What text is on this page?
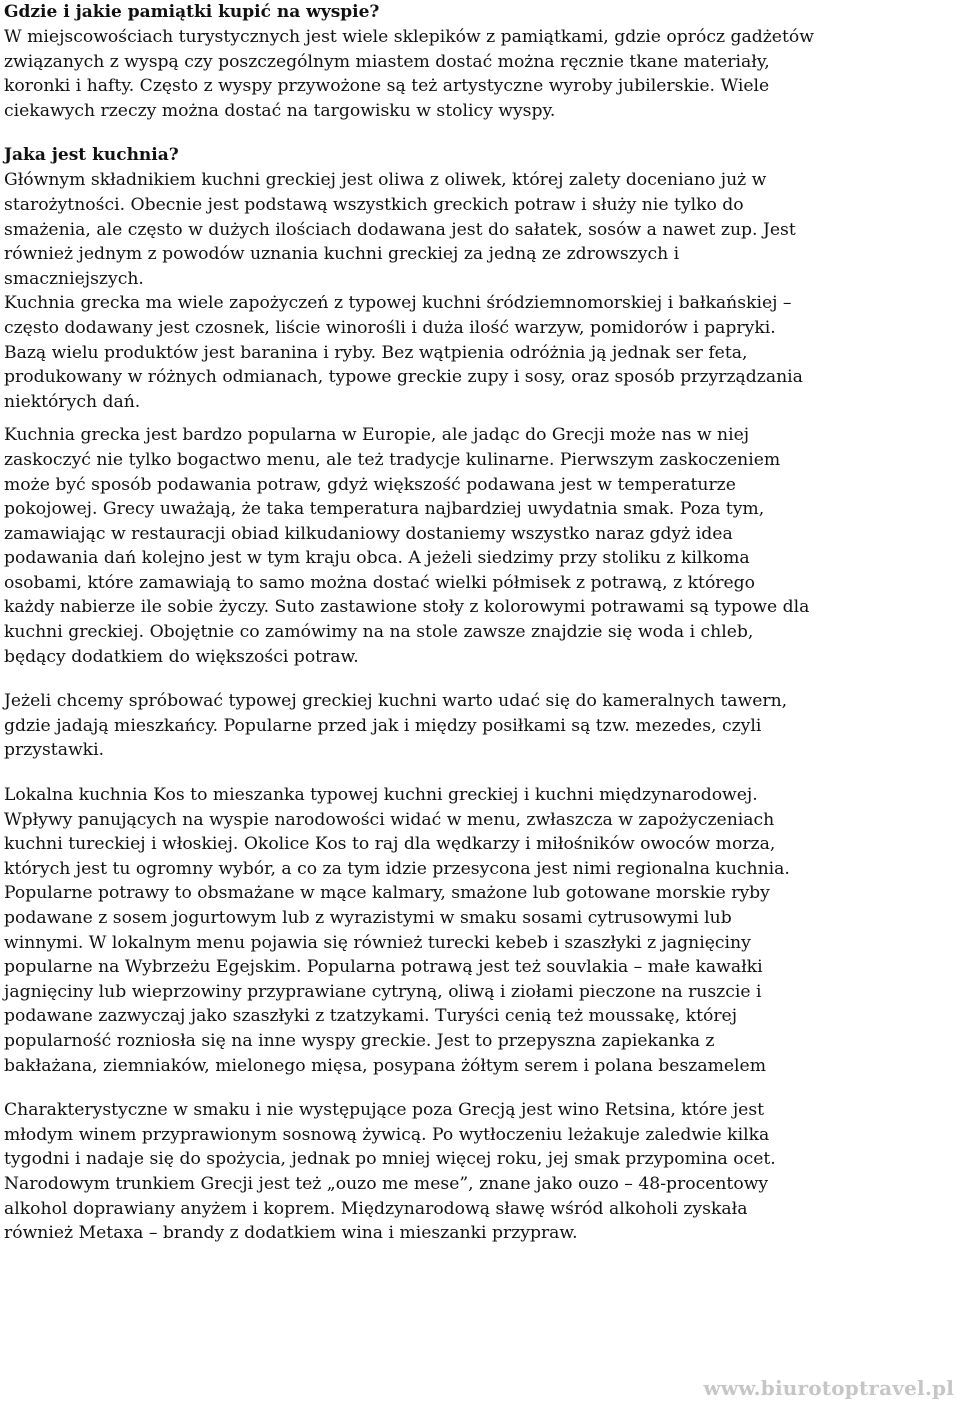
Gdzie i jakie pamiątki kupić na wyspie?

W miejscowościach turystycznych jest wiele sklepików z pamiątkami, gdzie oprócz gadżetów
związanych z wyspą czy poszczególnym miastem dostać można ręcznie tkane materiały,
koronki i hafty. Często z wyspy przywożone są też artystyczne wyroby jubilerskie. Wiele
ciekawych rzeczy można dostać na targowisku w stolicy wyspy.

Jaka jest kuchnia?

Głównym składnikiem kuchni greckiej jest oliwa z oliwek, której zalety doceniano już w
starożytności. Obecnie jest podstawą wszystkich greckich potraw i służy nie tylko do
smażenia, ale często w dużych ilościach dodawana jest do sałatek, sosów a nawet zup. Jest
również jednym z powodów uznania kuchni greckiej za jedną ze zdrowszych i
smaczniejszych.

Kuchnia grecka ma wiele zapożyczeń z typowej kuchni śródziemnomorskiej i bałkańskiej –
często dodawany jest czosnek, liście winorośli i duża ilość warzyw, pomidorów i papryki.
Bazą wielu produktów jest baranina i ryby. Bez wątpienia odróżnia ją jednak ser feta,
produkowany w różnych odmianach, typowe greckie zupy i sosy, oraz sposób przyrządzania
niektórych dań.

Kuchnia grecka jest bardzo popularna w Europie, ale jadąc do Grecji może nas w niej
zaskoczyć nie tylko bogactwo menu, ale też tradycje kulinarne. Pierwszym zaskoczeniem
może być sposób podawania potraw, gdyż większość podawana jest w temperaturze
pokojowej. Grecy uważają, że taka temperatura najbardziej uwydatnia smak. Poza tym,
zamawiając w restauracji obiad kilkudaniowy dostaniemy wszystko naraz gdyż idea
podawania dań kolejno jest w tym kraju obca. A jeżeli siedzimy przy stoliku z kilkoma
osobami, które zamawiają to samo można dostać wielki półmisek z potrawą, z którego
każdy nabierze ile sobie życzy. Suto zastawione stoły z kolorowymi potrawami są typowe dla
kuchni greckiej. Obojętnie co zamówimy na na stole zawsze znajdzie się woda i chleb,
będący dodatkiem do większości potraw.

Jeżeli chcemy spróbować typowej greckiej kuchni warto udać się do kameralnych tawern,
gdzie jadają mieszkańcy. Popularne przed jak i między posiłkami są tzw. mezedes, czyli
przystawki.

Lokalna kuchnia Kos to mieszanka typowej kuchni greckiej i kuchni międzynarodowej.
Wpływy panujących na wyspie narodowości widać w menu, zwłaszcza w zapożyczeniach
kuchni tureckiej i włoskiej. Okolice Kos to raj dla wędkarzy i miłośników owoców morza,
których jest tu ogromny wybór, a co za tym idzie przesycona jest nimi regionalna kuchnia.
Popularne potrawy to obsmażane w mące kalmary, smażone lub gotowane morskie ryby
podawane z sosem jogurtowym lub z wyrazistymi w smaku sosami cytrusowymi lub
winnymi. W lokalnym menu pojawia się również turecki kebeb i szaszłyki z jagnięciny
popularne na Wybrzeżu Egejskim. Popularna potrawą jest też souvlakia – małe kawałki
jagnięciny lub wieprzowiny przyprawiane cytryną, oliwą i ziołami pieczone na ruszcie i
podawane zazwyczaj jako szaszłyki z tzatzykami. Turyści cenią też moussakę, której
popularność rozniosła się na inne wyspy greckie. Jest to przepyszna zapiekanka z
bakłażana, ziemniaków, mielonego mięsa, posypana żółtym serem i polana beszamelem

Charakterystyczne w smaku i nie występujące poza Grecją jest wino Retsina, które jest
młodym winem przyprawionym sosnową żywicą. Po wytłoczeniu leżakuje zaledwie kilka
tygodni i nadaje się do spożycia, jednak po mniej więcej roku, jej smak przypomina ocet.
Narodowym trunkiem Grecji jest też „ouzo me mese”, znane jako ouzo – 48-procentowy
alkohol doprawiany anyżem i koprem. Międzynarodową sławę wśród alkoholi zyskała
również Metaxa – brandy z dodatkiem wina i mieszanki przypraw.

www.biurotoptravel.pl
